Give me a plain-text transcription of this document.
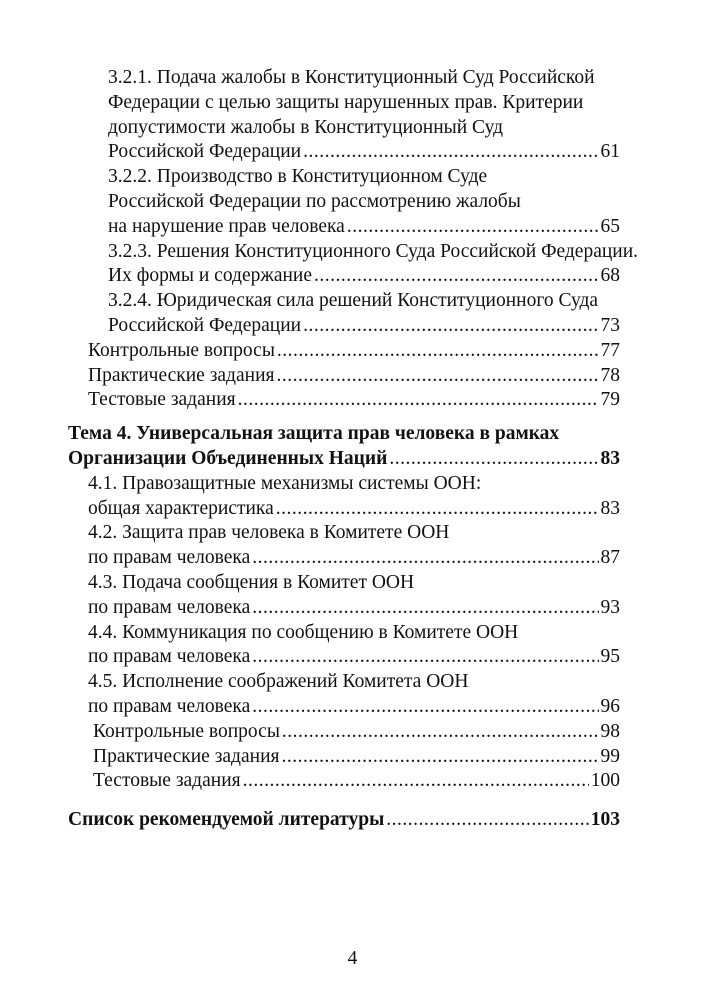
3.2.1. Подача жалобы в Конституционный Суд Российской
Федерации с целью защиты нарушенных прав. Критерии
допустимости жалобы в Конституционный Суд
Российской Федерации .....	61
3.2.2. Производство в Конституционном Суде
Российской Федерации по рассмотрению жалобы
на нарушение прав человека .....	65
3.2.3. Решения Конституционного Суда Российской Федерации.
Их формы и содержание .....	68
3.2.4. Юридическая сила решений Конституционного Суда
Российской Федерации .....	73
Контрольные вопросы .....	77
Практические задания .....	78
Тестовые задания .....	79
Тема 4. Универсальная защита прав человека в рамках
Организации Объединенных Наций .....	83
4.1. Правозащитные механизмы системы ООН:
общая характеристика .....	83
4.2. Защита прав человека в Комитете ООН
по правам человека .....	87
4.3. Подача сообщения в Комитет ООН
по правам человека .....	93
4.4. Коммуникация по сообщению в Комитете ООН
по правам человека .....	95
4.5. Исполнение соображений Комитета ООН
по правам человека .....	96
Контрольные вопросы .....	98
Практические задания .....	99
Тестовые задания .....	100
Список рекомендуемой литературы .....	103
4
